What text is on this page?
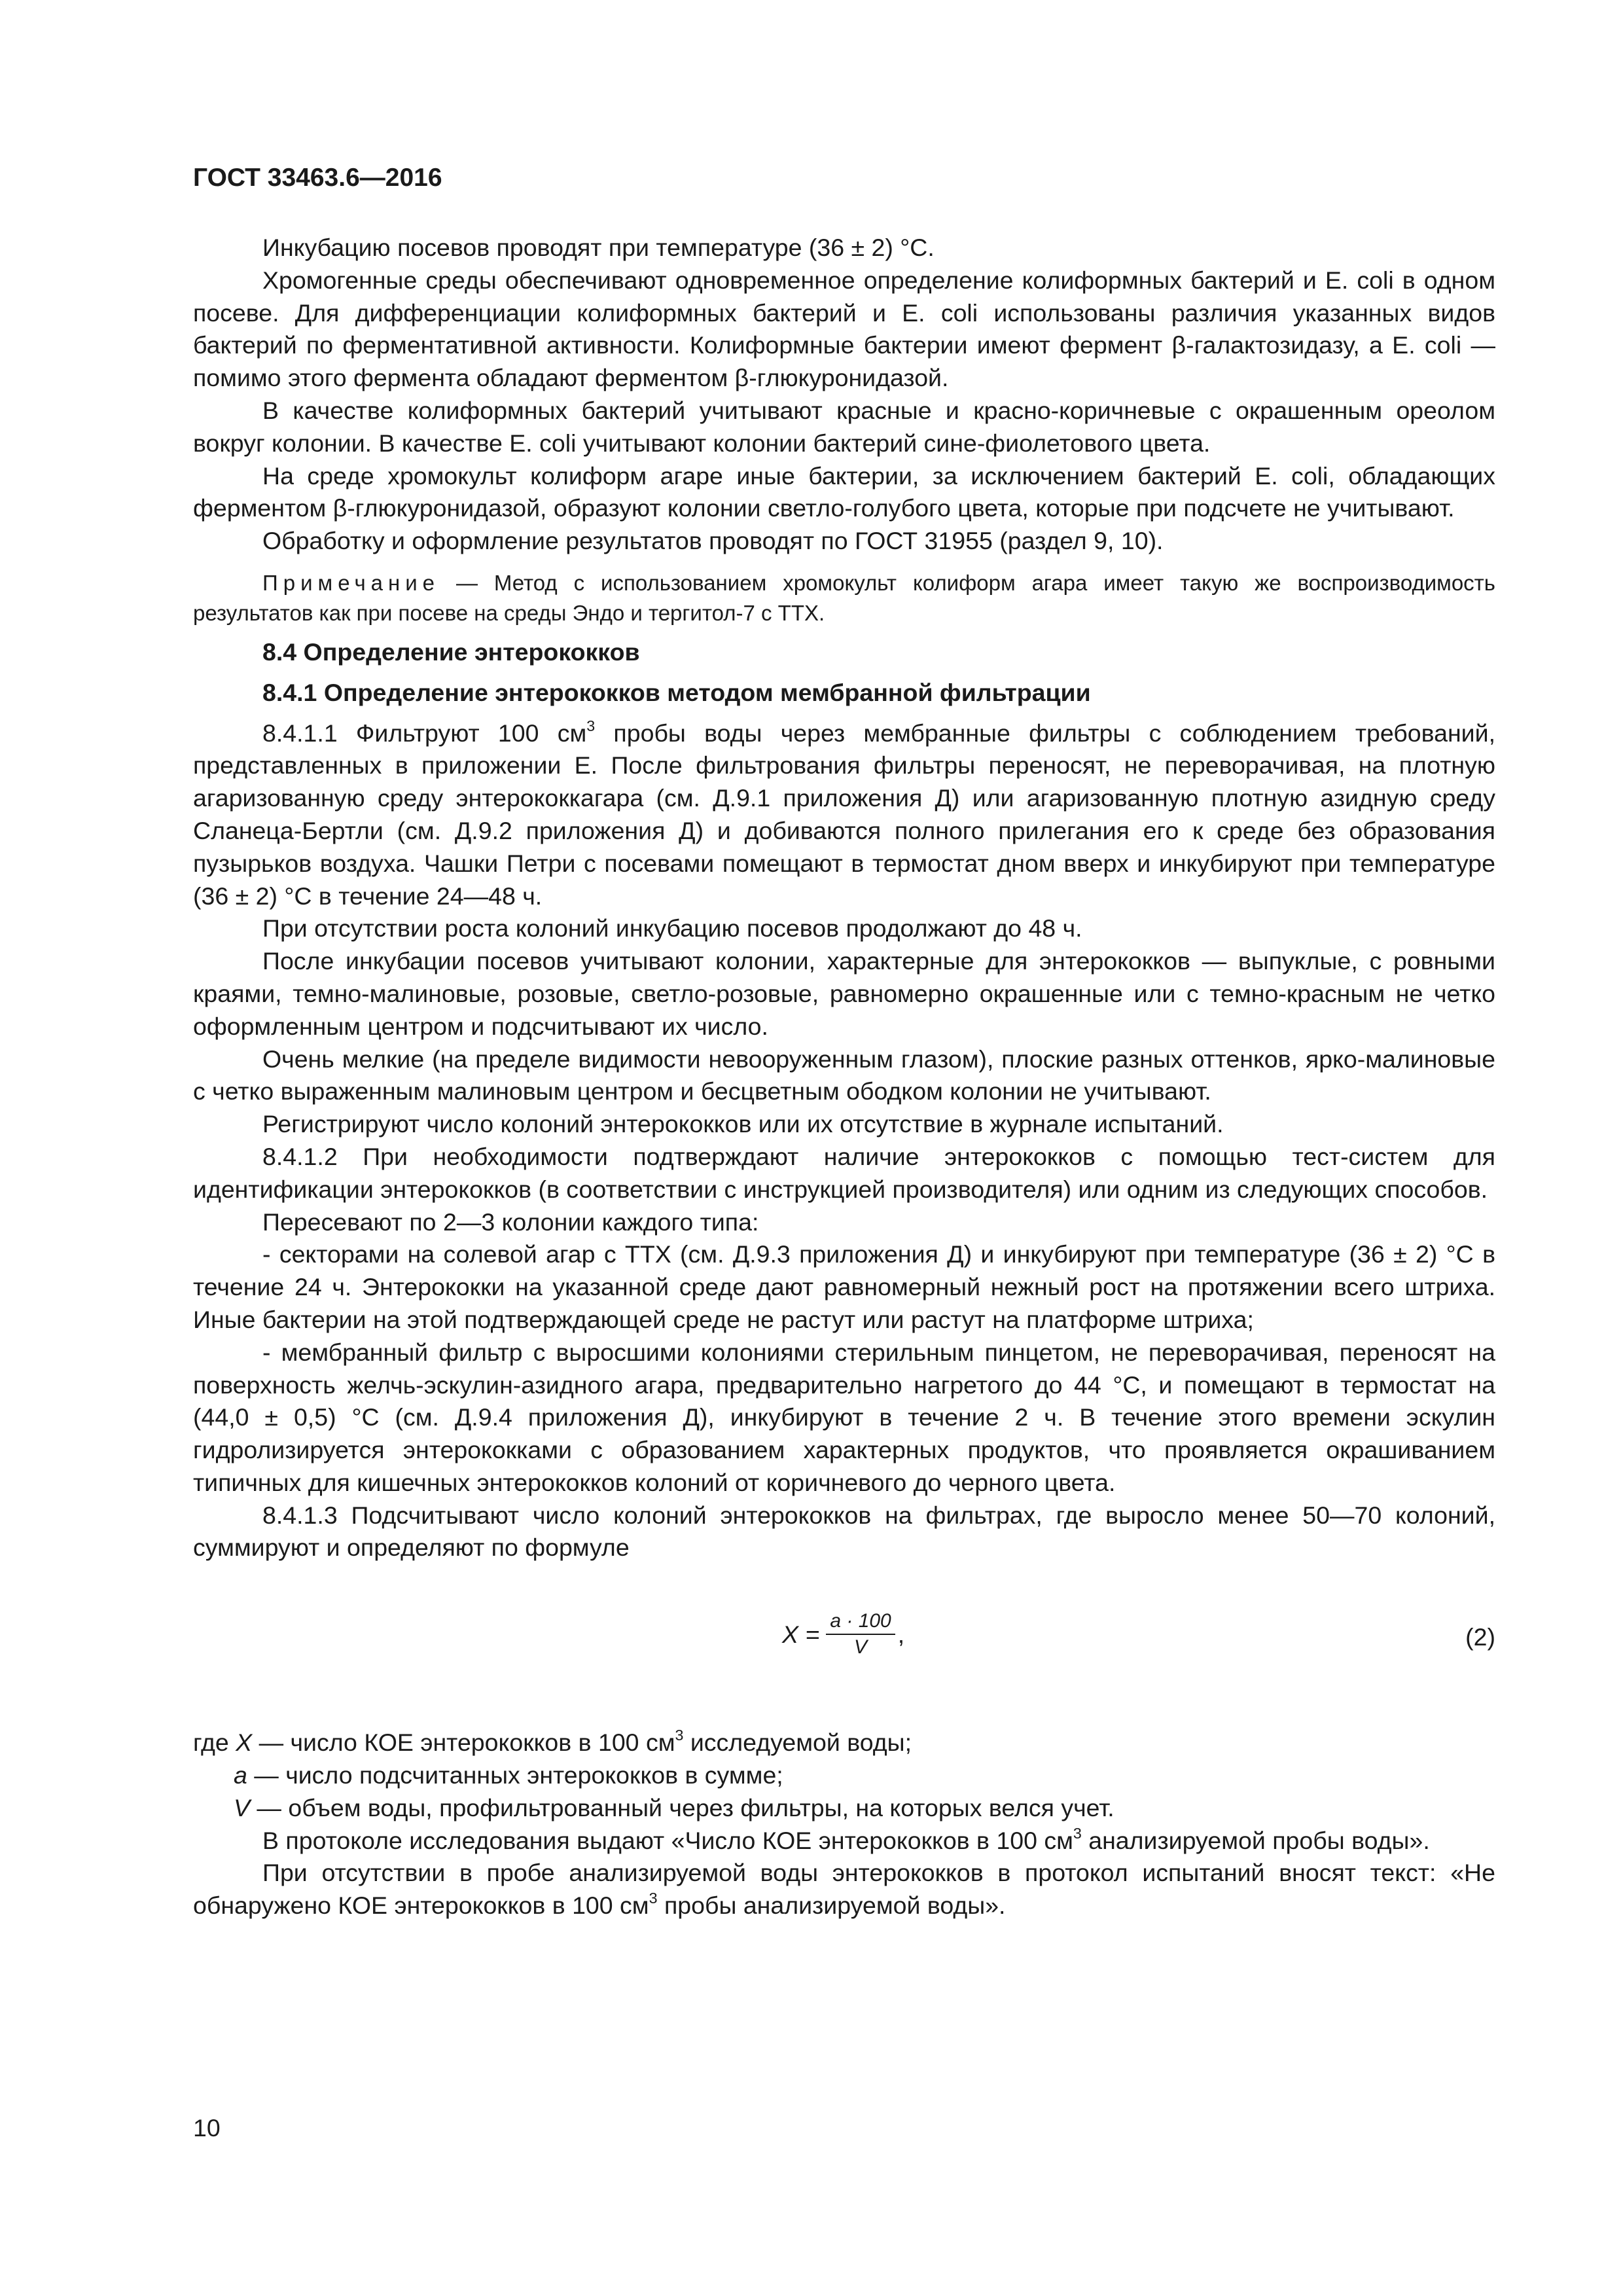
ГОСТ 33463.6—2016

Инкубацию посевов проводят при температуре (36 ± 2) °С.

Хромогенные среды обеспечивают одновременное определение колиформных бактерий и E. coli в одном посеве. Для дифференциации колиформных бактерий и E. coli использованы различия указанных видов бактерий по ферментативной активности. Колиформные бактерии имеют фермент β-галактозидазу, а E. coli — помимо этого фермента обладают ферментом β-глюкуронидазой.

В качестве колиформных бактерий учитывают красные и красно-коричневые с окрашенным ореолом вокруг колонии. В качестве E. coli учитывают колонии бактерий сине-фиолетового цвета.

На среде хромокульт колиформ агаре иные бактерии, за исключением бактерий E. coli, обладающих ферментом β-глюкуронидазой, образуют колонии светло-голубого цвета, которые при подсчете не учитывают.

Обработку и оформление результатов проводят по ГОСТ 31955 (раздел 9, 10).

Примечание — Метод с использованием хромокульт колиформ агара имеет такую же воспроизводимость результатов как при посеве на среды Эндо и тергитол-7 с ТТХ.

8.4 Определение энтерококков
8.4.1 Определение энтерококков методом мембранной фильтрации

8.4.1.1 Фильтруют 100 $см^3$ пробы воды через мембранные фильтры с соблюдением требований, представленных в приложении Е. После фильтрования фильтры переносят, не переворачивая, на плотную агаризованную среду энтерококкагара (см. Д.9.1 приложения Д) или агаризованную плотную азидную среду Сланеца-Бертли (см. Д.9.2 приложения Д) и добиваются полного прилегания его к среде без образования пузырьков воздуха. Чашки Петри с посевами помещают в термостат дном вверх и инкубируют при температуре (36 ± 2) °С в течение 24—48 ч.

При отсутствии роста колоний инкубацию посевов продолжают до 48 ч.

После инкубации посевов учитывают колонии, характерные для энтерококков — выпуклые, с ровными краями, темно-малиновые, розовые, светло-розовые, равномерно окрашенные или с темно-красным не четко оформленным центром и подсчитывают их число.

Очень мелкие (на пределе видимости невооруженным глазом), плоские разных оттенков, ярко-малиновые с четко выраженным малиновым центром и бесцветным ободком колонии не учитывают.

Регистрируют число колоний энтерококков или их отсутствие в журнале испытаний.

8.4.1.2 При необходимости подтверждают наличие энтерококков с помощью тест-систем для идентификации энтерококков (в соответствии с инструкцией производителя) или одним из следующих способов.

Пересевают по 2—3 колонии каждого типа:

- секторами на солевой агар с ТТХ (см. Д.9.3 приложения Д) и инкубируют при температуре (36 ± 2) °С в течение 24 ч. Энтерококки на указанной среде дают равномерный нежный рост на протяжении всего штриха. Иные бактерии на этой подтверждающей среде не растут или растут на платформе штриха;

- мембранный фильтр с выросшими колониями стерильным пинцетом, не переворачивая, переносят на поверхность желчь-эскулин-азидного агара, предварительно нагретого до 44 °С, и помещают в термостат на (44,0 ± 0,5) °С (см. Д.9.4 приложения Д), инкубируют в течение 2 ч. В течение этого времени эскулин гидролизируется энтерококками с образованием характерных продуктов, что проявляется окрашиванием типичных для кишечных энтерококков колоний от коричневого до черного цвета.

8.4.1.3 Подсчитывают число колоний энтерококков на фильтрах, где выросло менее 50—70 колоний, суммируют и определяют по формуле

$X = \frac{a \cdot 100}{V}$ ,	(2)
где X — число КОЕ энтерококков в 100 $см^3$ исследуемой воды;
a — число подсчитанных энтерококков в сумме;
V — объем воды, профильтрованный через фильтры, на которых велся учет.

В протоколе исследования выдают «Число КОЕ энтерококков в 100 $см^3$ анализируемой пробы воды».

При отсутствии в пробе анализируемой воды энтерококков в протокол испытаний вносят текст: «Не обнаружено КОЕ энтерококков в 100 $см^3$ пробы анализируемой воды».

10
